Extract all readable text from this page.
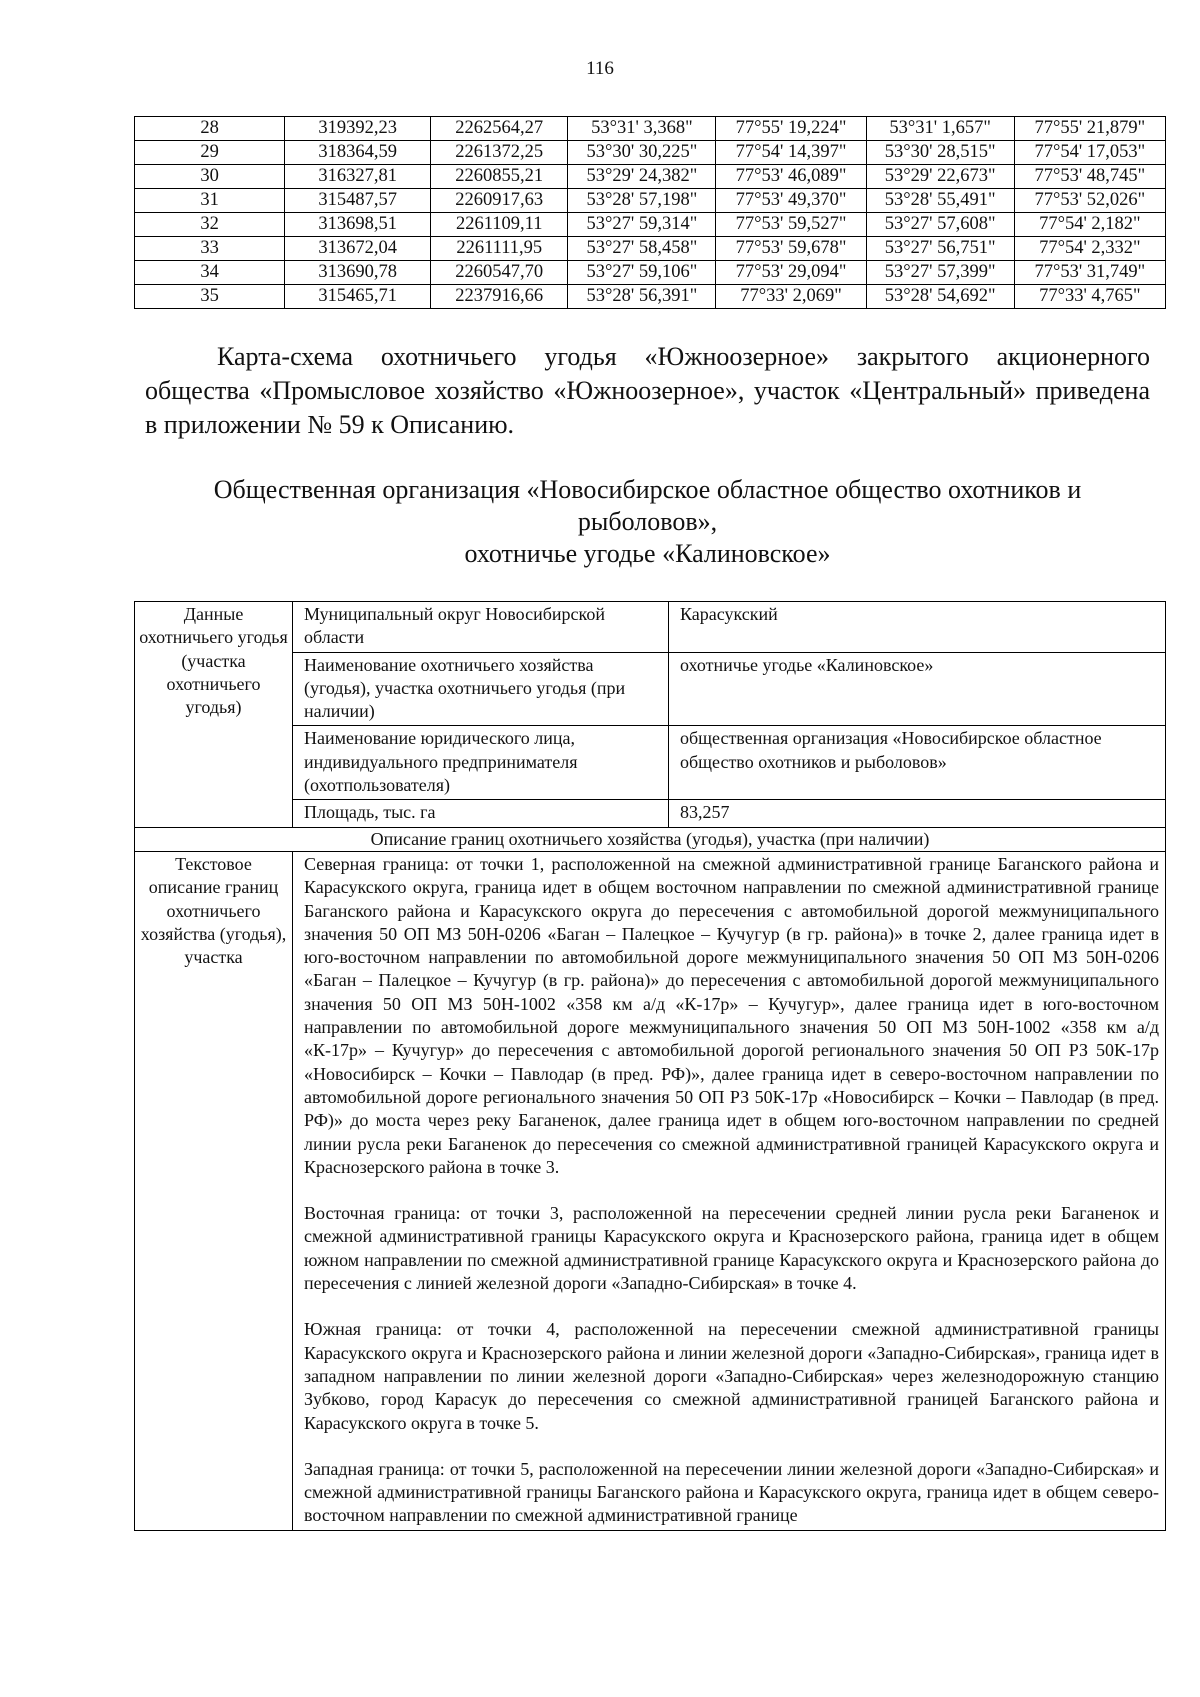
116
28	319392,23	2262564,27	53°31' 3,368"	77°55' 19,224"	53°31' 1,657"	77°55' 21,879"
29	318364,59	2261372,25	53°30' 30,225"	77°54' 14,397"	53°30' 28,515"	77°54' 17,053"
30	316327,81	2260855,21	53°29' 24,382"	77°53' 46,089"	53°29' 22,673"	77°53' 48,745"
31	315487,57	2260917,63	53°28' 57,198"	77°53' 49,370"	53°28' 55,491"	77°53' 52,026"
32	313698,51	2261109,11	53°27' 59,314"	77°53' 59,527"	53°27' 57,608"	77°54' 2,182"
33	313672,04	2261111,95	53°27' 58,458"	77°53' 59,678"	53°27' 56,751"	77°54' 2,332"
34	313690,78	2260547,70	53°27' 59,106"	77°53' 29,094"	53°27' 57,399"	77°53' 31,749"
35	315465,71	2237916,66	53°28' 56,391"	77°33' 2,069"	53°28' 54,692"	77°33' 4,765"

Карта-схема охотничьего угодья «Южноозерное» закрытого акционерного общества «Промысловое хозяйство «Южноозерное», участок «Центральный» приведена в приложении № 59 к Описанию.

Общественная организация «Новосибирское областное общество охотников и рыболовов»,
охотничье угодье «Калиновское»
Данные охотничьего угодья (участка охотничьего угодья)	Муниципальный округ Новосибирской области	Карасукский
	Наименование охотничьего хозяйства (угодья), участка охотничьего угодья (при наличии)	охотничье угодье «Калиновское»
	Наименование юридического лица, индивидуального предпринимателя (охотпользователя)	общественная организация «Новосибирское областное общество охотников и рыболовов»
	Площадь, тыс. га	83,257
Описание границ охотничьего хозяйства (угодья), участка (при наличии)		
Текстовое описание границ охотничьего хозяйства (угодья), участка	Северная граница: от точки 1, расположенной на смежной административной границе Баганского района и Карасукского округа, граница идет в общем восточном направлении по смежной административной границе Баганского района и Карасукского округа до пересечения с автомобильной дорогой межмуниципального значения 50 ОП МЗ 50Н-0206 «Баган – Палецкое – Кучугур (в гр. района)» в точке 2, далее граница идет в юго-восточном направлении по автомобильной дороге межмуниципального значения 50 ОП МЗ 50Н-0206 «Баган – Палецкое – Кучугур (в гр. района)» до пересечения с автомобильной дорогой межмуниципального значения 50 ОП МЗ 50Н-1002 «358 км а/д «К-17р» – Кучугур», далее граница идет в юго-восточном направлении по автомобильной дороге межмуниципального значения 50 ОП МЗ 50Н-1002 «358 км а/д «К-17р» – Кучугур» до пересечения с автомобильной дорогой регионального значения 50 ОП РЗ 50К-17р «Новосибирск – Кочки – Павлодар (в пред. РФ)», далее граница идет в северо-восточном направлении по автомобильной дороге регионального значения 50 ОП РЗ 50К-17р «Новосибирск – Кочки – Павлодар (в пред. РФ)» до моста через реку Баганенок, далее граница идет в общем юго-восточном направлении по средней линии русла реки Баганенок до пересечения со смежной административной границей Карасукского округа и Краснозерского района в точке 3.

Восточная граница: от точки 3, расположенной на пересечении средней линии русла реки Баганенок и смежной административной границы Карасукского округа и Краснозерского района, граница идет в общем южном направлении по смежной административной границе Карасукского округа и Краснозерского района до пересечения с линией железной дороги «Западно-Сибирская» в точке 4.

Южная граница: от точки 4, расположенной на пересечении смежной административной границы Карасукского округа и Краснозерского района и линии железной дороги «Западно-Сибирская», граница идет в западном направлении по линии железной дороги «Западно-Сибирская» через железнодорожную станцию Зубково, город Карасук до пересечения со смежной административной границей Баганского района и Карасукского округа в точке 5.

Западная граница: от точки 5, расположенной на пересечении линии железной дороги «Западно-Сибирская» и смежной административной границы Баганского района и Карасукского округа, граница идет в общем северо-восточном направлении по смежной административной границе	
